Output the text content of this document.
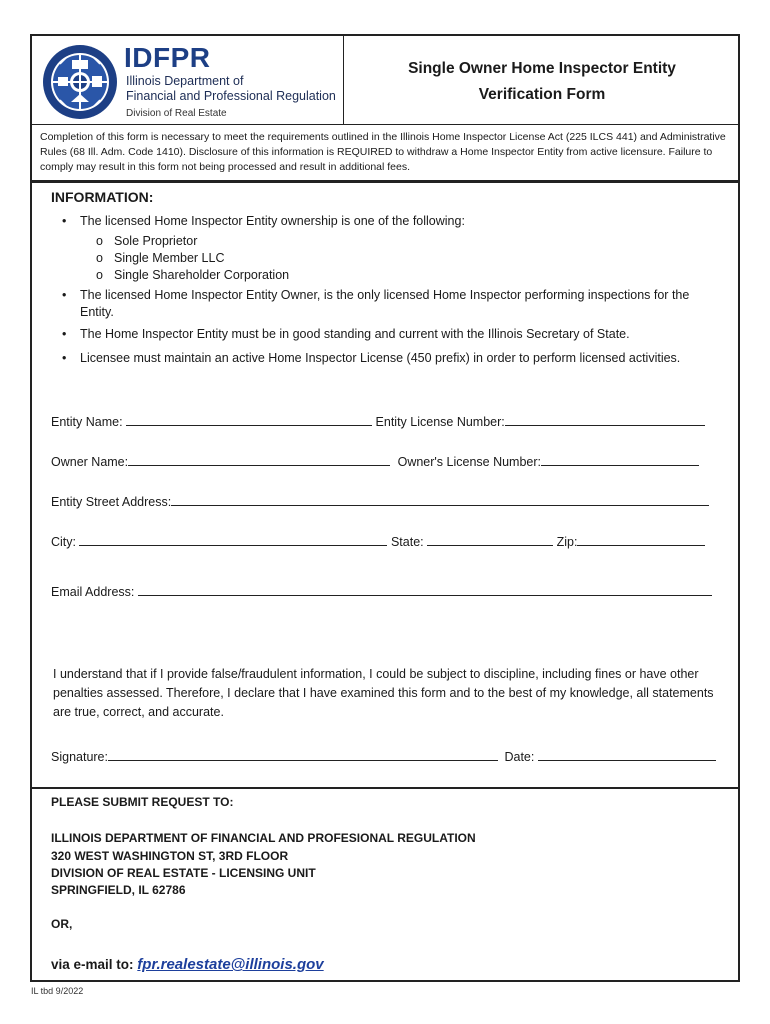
IDFPR
Illinois Department of
Financial and Professional Regulation
Division of Real Estate
Single Owner Home Inspector Entity
Verification Form
Completion of this form is necessary to meet the requirements outlined in the Illinois Home Inspector License Act (225 ILCS 441) and Administrative Rules (68 Ill. Adm. Code 1410). Disclosure of this information is REQUIRED to withdraw a Home Inspector Entity from active licensure. Failure to comply may result in this form not being processed and result in additional fees.
INFORMATION:
• The licensed Home Inspector Entity ownership is one of the following:
o Sole Proprietor
o Single Member LLC
o Single Shareholder Corporation
• The licensed Home Inspector Entity Owner, is the only licensed Home Inspector performing inspections for the Entity.
• The Home Inspector Entity must be in good standing and current with the Illinois Secretary of State.
• Licensee must maintain an active Home Inspector License (450 prefix) in order to perform licensed activities.
Entity Name:	Entity License Number:
Owner Name:	Owner's License Number:
Entity Street Address:
City:	State:	Zip:
Email Address:
I understand that if I provide false/fraudulent information, I could be subject to discipline, including fines or have other penalties assessed. Therefore, I declare that I have examined this form and to the best of my knowledge, all statements are true, correct, and accurate.
Signature:	Date:
PLEASE SUBMIT REQUEST TO:
ILLINOIS DEPARTMENT OF FINANCIAL AND PROFESIONAL REGULATION
320 WEST WASHINGTON ST, 3RD FLOOR
DIVISION OF REAL ESTATE - LICENSING UNIT
SPRINGFIELD, IL 62786
OR,
via e-mail to: fpr.realestate@illinois.gov
IL tbd 9/2022
